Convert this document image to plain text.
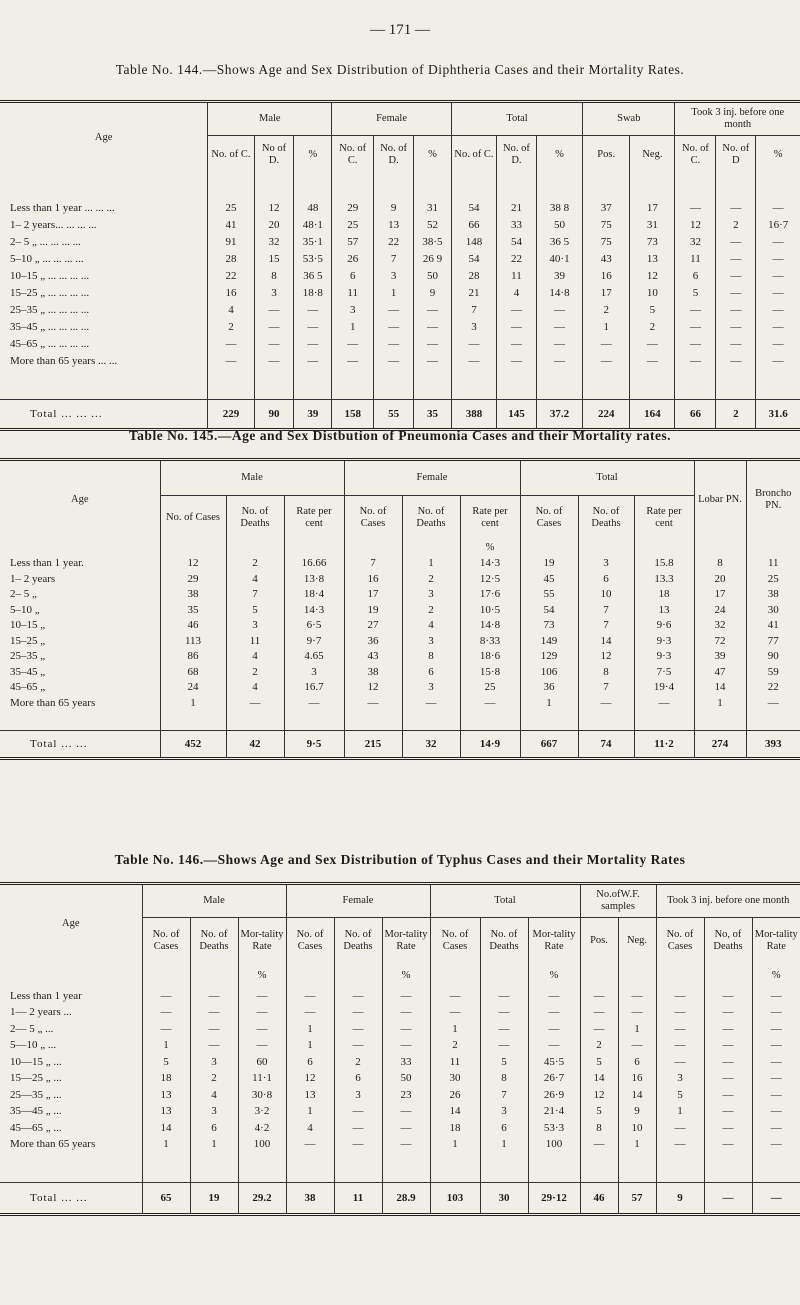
— 171 —
Table No. 144.—Shows Age and Sex Distribution of Diphtheria Cases and their Mortality Rates.
Age	Male			Female			Total			Swab		Took 3 inj. before one month		
	No. of C.	No of D.	%	No. of C.	No. of D.	%	No. of C.	No. of D.	%	Pos.	Neg.	No. of C.	No. of D	%

Less than 1 year ... ... ...	25	12	48	29	9	31	54	21	38 8	37	17	—	—	—
1– 2 years... ... ... ...	41	20	48·1	25	13	52	66	33	50	75	31	12	2	16·7
2– 5 „ ... ... ... ...	91	32	35·1	57	22	38·5	148	54	36 5	75	73	32	—	—
5–10 „ ... ... ... ...	28	15	53·5	26	7	26 9	54	22	40·1	43	13	11	—	—
10–15 „ ... ... ... ...	22	8	36 5	6	3	50	28	11	39	16	12	6	—	—
15–25 „ ... ... ... ...	16	3	18·8	11	1	9	21	4	14·8	17	10	5	—	—
25–35 „ ... ... ... ...	4	—	—	3	—	—	7	—	—	2	5	—	—	—
35–45 „ ... ... ... ...	2	—	—	1	—	—	3	—	—	1	2	—	—	—
45–65 „ ... ... ... ...	—	—	—	—	—	—	—	—	—	—	—	—	—	—
More than 65 years ... ...	—	—	—	—	—	—	—	—	—	—	—	—	—	—

Total ... ... ...	229	90	39	158	55	35	388	145	37.2	224	164	66	2	31.6
Table No. 145.—Age and Sex Distbution of Pneumonia Cases and their Mortality rates.
Age	Male			Female			Total			Lobar PN.	Broncho PN.
	No. of Cases	No. of Deaths	Rate per cent	No. of Cases	No. of Deaths	Rate per cent	No. of Cases	No. of Deaths	Rate per cent		
						%					
Less than 1 year.	12	2	16.66	7	1	14·3	19	3	15.8	8	11
1– 2 years	29	4	13·8	16	2	12·5	45	6	13.3	20	25
2– 5 „	38	7	18·4	17	3	17·6	55	10	18	17	38
5–10 „	35	5	14·3	19	2	10·5	54	7	13	24	30
10–15 „	46	3	6·5	27	4	14·8	73	7	9·6	32	41
15–25 „	113	11	9·7	36	3	8·33	149	14	9·3	72	77
25–35 „	86	4	4.65	43	8	18·6	129	12	9·3	39	90
35–45 „	68	2	3	38	6	15·8	106	8	7·5	47	59
45–65 „	24	4	16.7	12	3	25	36	7	19·4	14	22
More than 65 years	1	—	—	—	—	—	1	—	—	1	—

Total ... ...	452	42	9·5	215	32	14·9	667	74	11·2	274	393
Table No. 146.—Shows Age and Sex Distribution of Typhus Cases and their Mortality Rates
Age	Male			Female			Total			No.ofW.F. samples		Took 3 inj. before one month		
	No. of Cases	No. of Deaths	Mor-tality Rate	No. of Cases	No. of Deaths	Mor-tality Rate	No. of Cases	No. of Deaths	Mor-tality Rate	Pos.	Neg.	No. of Cases	No, of Deaths	Mor-tality Rate
			%			%			%					%
Less than 1 year	—	—	—	—	—	—	—	—	—	—	—	—	—	—
1— 2 years ...	—	—	—	—	—	—	—	—	—	—	—	—	—	—
2— 5 „ ...	—	—	—	1	—	—	1	—	—	—	1	—	—	—
5—10 „ ...	1	—	—	1	—	—	2	—	—	2	—	—	—	—
10—15 „ ...	5	3	60	6	2	33	11	5	45·5	5	6	—	—	—
15—25 „ ...	18	2	11·1	12	6	50	30	8	26·7	14	16	3	—	—
25—35 „ ...	13	4	30·8	13	3	23	26	7	26·9	12	14	5	—	—
35—45 „ ...	13	3	3·2	1	—	—	14	3	21·4	5	9	1	—	—
45—65 „ ...	14	6	4·2	4	—	—	18	6	53·3	8	10	—	—	—
More than 65 years	1	1	100	—	—	—	1	1	100	—	1	—	—	—

Total ... ...	65	19	29.2	38	11	28.9	103	30	29·12	46	57	9	—	—
